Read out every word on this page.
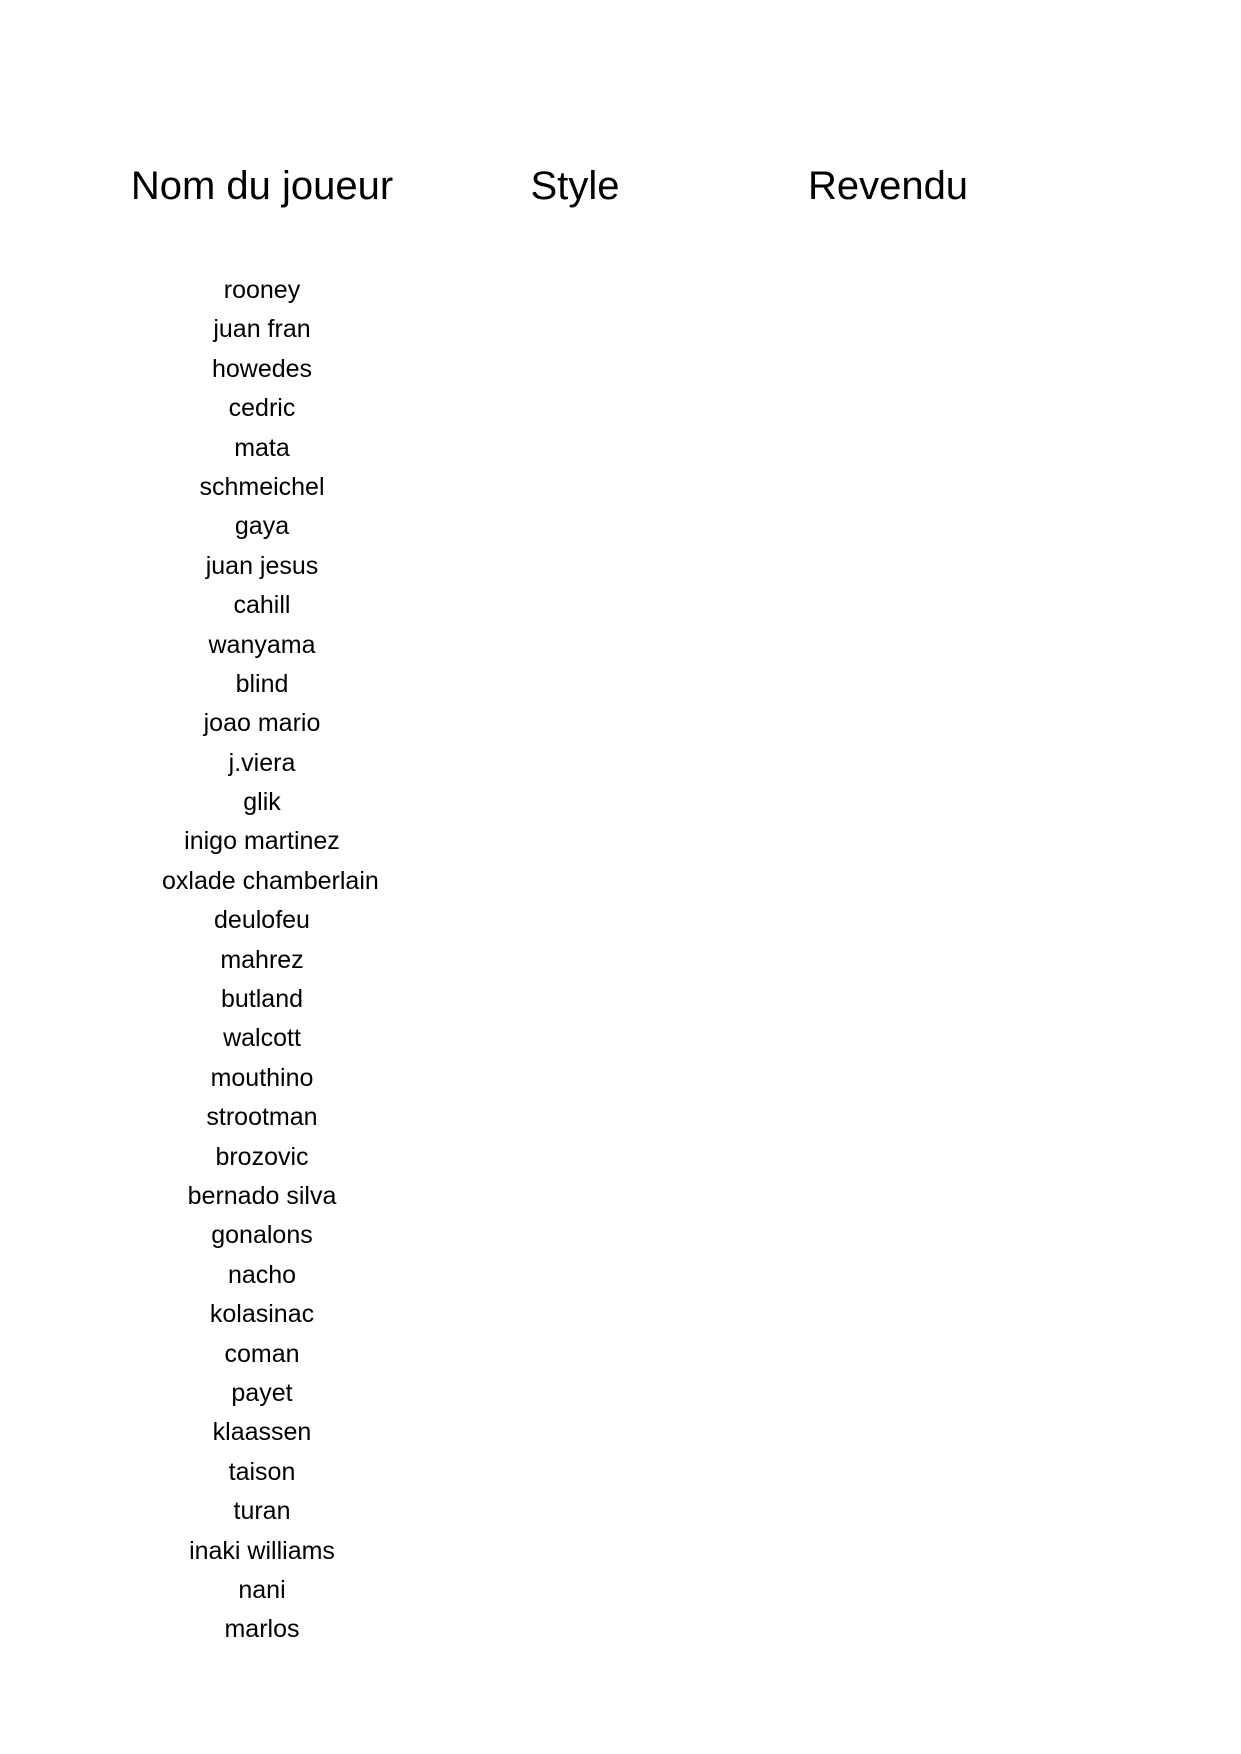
Nom du joueur	Style	Revendu
rooney
juan fran
howedes
cedric
mata
schmeichel
gaya
juan jesus
cahill
wanyama
blind
joao mario
j.viera
glik
inigo martinez
oxlade chamberlain
deulofeu
mahrez
butland
walcott
mouthino
strootman
brozovic
bernado silva
gonalons
nacho
kolasinac
coman
payet
klaassen
taison
turan
inaki williams
nani
marlos
